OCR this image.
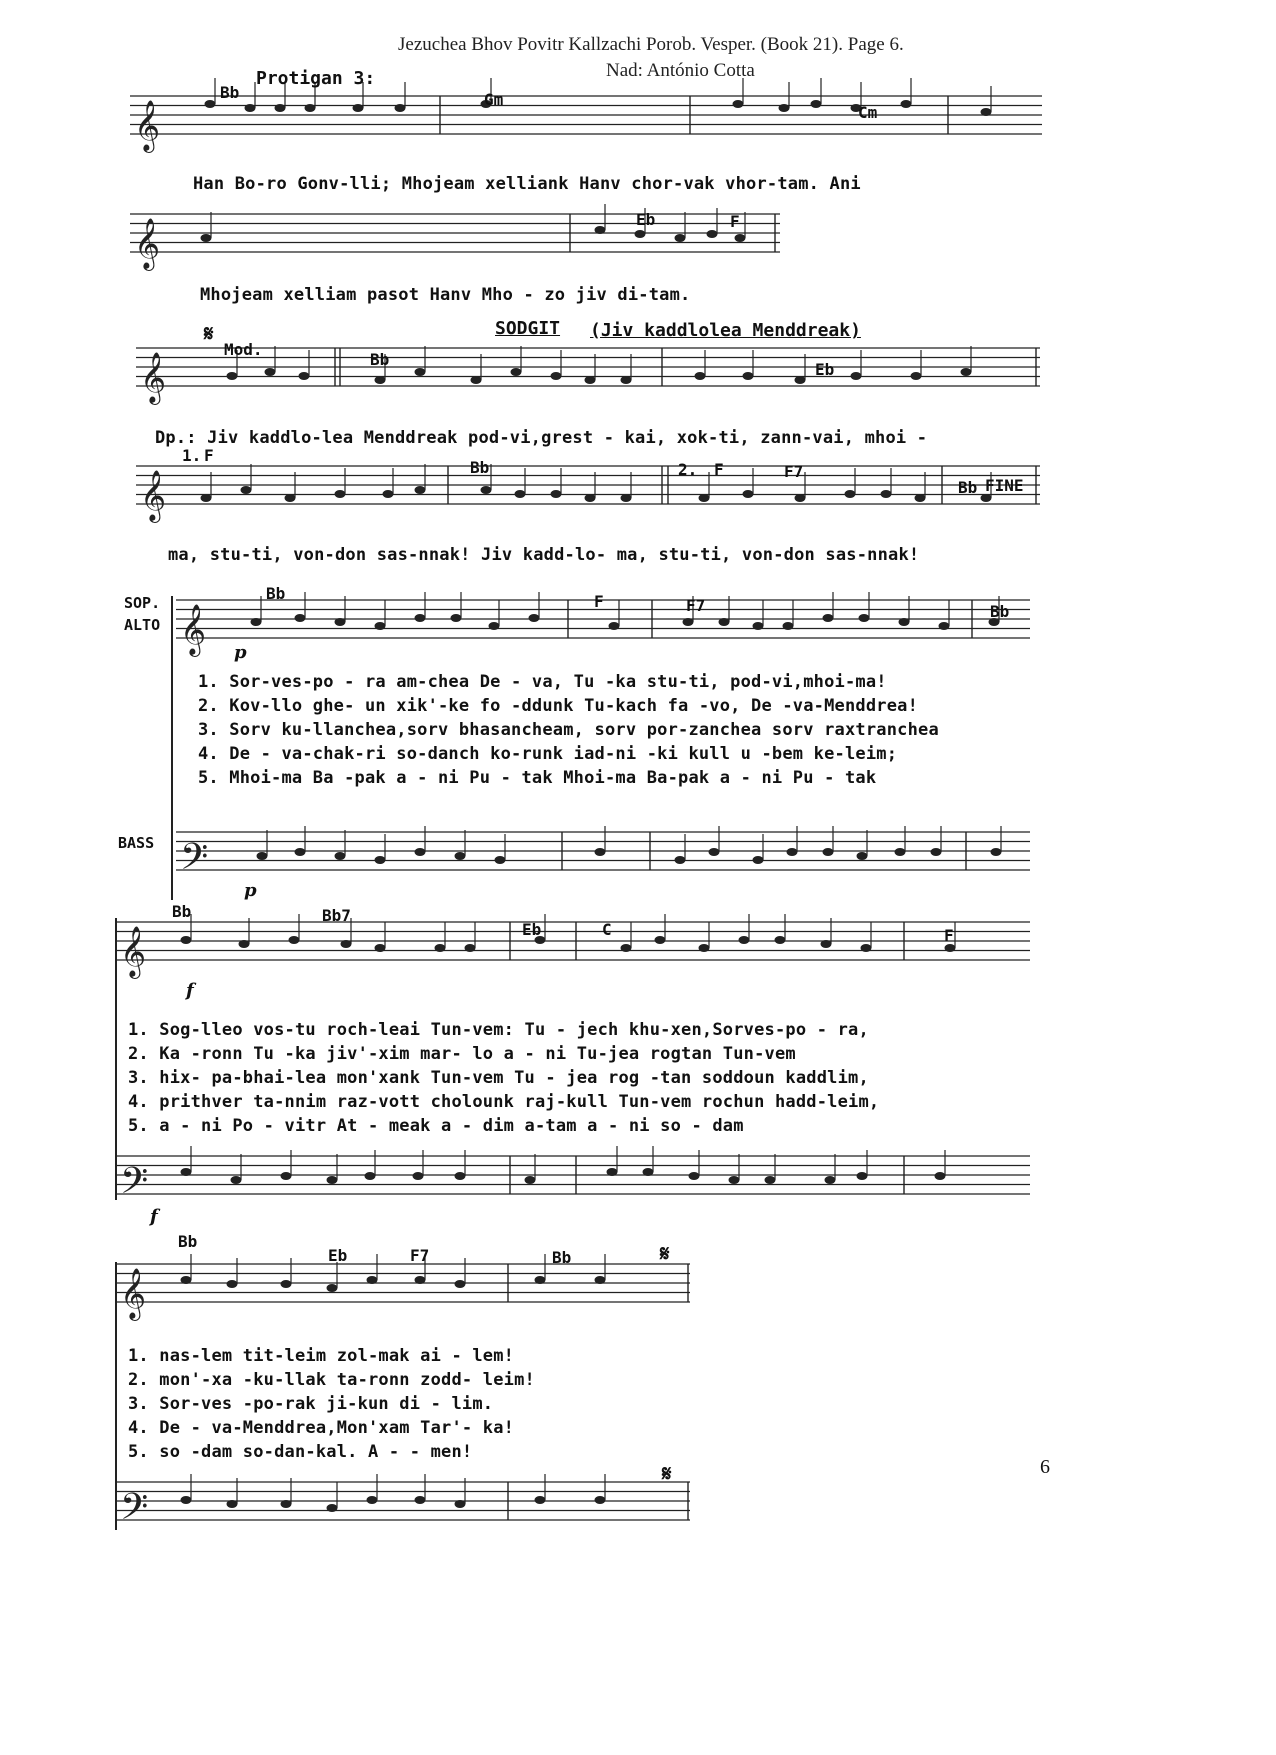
Jezuchea Bhov Povitr Kallzachi Porob. Vesper. (Book 21). Page 6.
Nad: António Cotta
𝄞
𝄞
𝄞
𝄞
𝄞
𝄢
𝄞
𝄢
𝄞
𝄢
Protigan 3:
Bb	Gm
Cm
Han Bo-ro Gonv-lli; Mhojeam xelliank Hanv chor-vak vhor-tam. Ani
Eb	F
Mhojeam xelliam pasot Hanv Mho - zo jiv di-tam.
SODGIT (Jiv kaddlolea Menddreak)
𝄋
Mod.
Bb
Eb
Dp.: Jiv kaddlo-lea Menddreak pod-vi,grest - kai, xok-ti, zann-vai, mhoi -
1. F
Bb	2. F	F7
Bb FINE
ma, stu-ti, von-don sas-nnak! Jiv kadd-lo- ma, stu-ti, von-don sas-nnak!
SOP.
ALTO
Bb	F	F7	Bb
p
1. Sor-ves-po - ra am-chea De - va, Tu -ka stu-ti, pod-vi,mhoi-ma!
2. Kov-llo ghe- un xik'-ke fo -ddunk Tu-kach fa -vo, De -va-Menddrea!
3. Sorv ku-llanchea,sorv bhasancheam, sorv por-zanchea sorv raxtranchea
4. De - va-chak-ri so-danch ko-runk iad-ni -ki kull u -bem ke-leim;
5. Mhoi-ma Ba -pak a - ni Pu - tak Mhoi-ma Ba-pak a - ni Pu - tak
BASS
p
Bb	Bb7
Eb	C	F
f
1. Sog-lleo vos-tu roch-leai Tun-vem: Tu - jech khu-xen,Sorves-po - ra,
2. Ka -ronn Tu -ka jiv'-xim mar- lo a - ni Tu-jea rogtan Tun-vem
3. hix- pa-bhai-lea mon'xank Tun-vem Tu - jea rog -tan soddoun kaddlim,
4. prithver ta-nnim raz-vott cholounk raj-kull Tun-vem rochun hadd-leim,
5. a - ni Po - vitr At - meak a - dim a-tam a - ni so - dam
f
Bb
Eb	F7	Bb	𝄋
1. nas-lem tit-leim zol-mak ai - lem!
2. mon'-xa -ku-llak ta-ronn zodd- leim!
3. Sor-ves -po-rak ji-kun di - lim.
4. De - va-Menddrea,Mon'xam Tar'- ka!
5. so -dam so-dan-kal. A - - men!
𝄋	6
